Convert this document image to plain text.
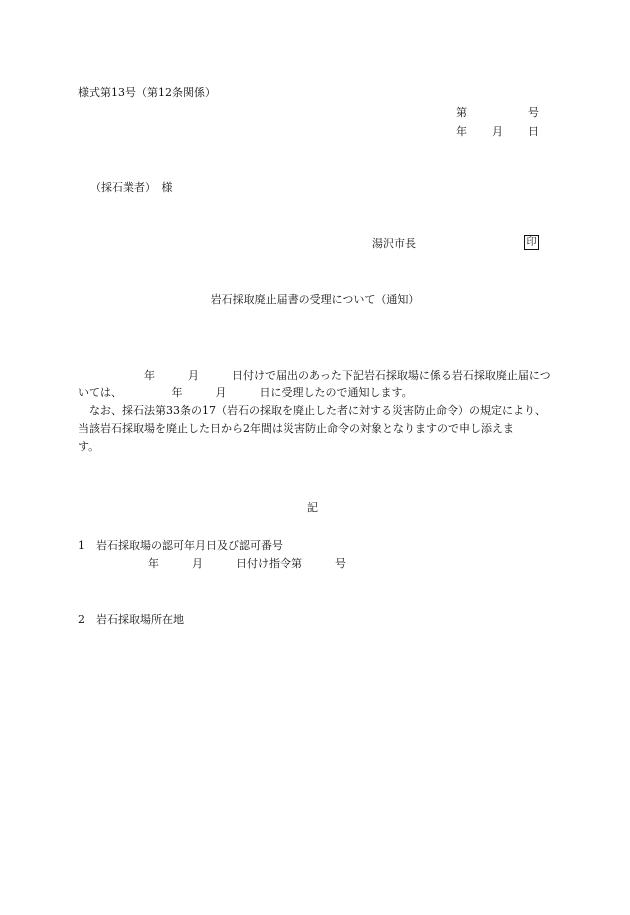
様式第13号（第12条関係）
第	号
年 月 日
（採石業者）　様
湯沢市長	印
岩石採取廃止届書の受理について（通知）
　　　　　　年　　　月　　　日付けで届出のあった下記岩石採取場に係る岩石採取廃止届につ
いては、　　　　　年　　　月　　　日に受理したので通知します。
　なお、採石法第33条の17（岩石の採取を廃止した者に対する災害防止命令）の規定により、
当該岩石採取場を廃止した日から2年間は災害防止命令の対象となりますので申し添えま
す。
記
1　岩石採取場の認可年月日及び認可番号
年　　　月　　　日付け指令第　　　号
2　岩石採取場所在地
